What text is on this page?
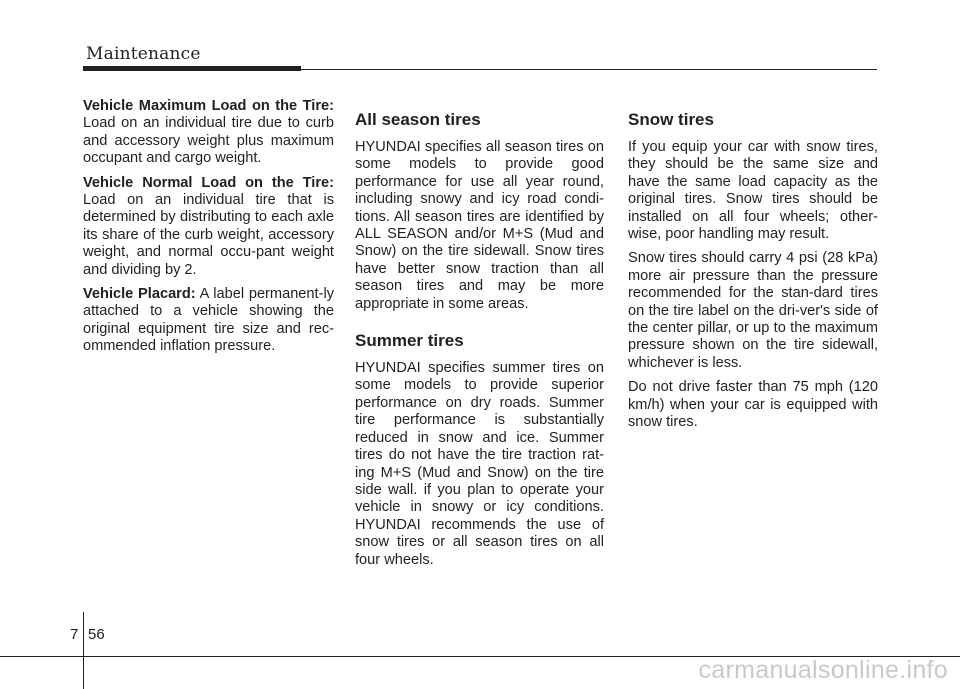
Maintenance

Vehicle Maximum Load on the Tire: Load on an individual tire due to curb and accessory weight plus maximum occupant and cargo weight.

Vehicle Normal Load on the Tire: Load on an individual tire that is determined by distributing to each axle its share of the curb weight, accessory weight, and normal occu-pant weight and dividing by 2.

Vehicle Placard: A label permanent-ly attached to a vehicle showing the original equipment tire size and rec-ommended inflation pressure.

All season tires

HYUNDAI specifies all season tires on some models to provide good performance for use all year round, including snowy and icy road condi-tions. All season tires are identified by ALL SEASON and/or M+S (Mud and Snow) on the tire sidewall. Snow tires have better snow traction than all season tires and may be more appropriate in some areas.

Summer tires

HYUNDAI specifies summer tires on some models to provide superior performance on dry roads. Summer tire performance is substantially reduced in snow and ice. Summer tires do not have the tire traction rat-ing M+S (Mud and Snow) on the tire side wall. if you plan to operate your vehicle in snowy or icy conditions. HYUNDAI recommends the use of snow tires or all season tires on all four wheels.

Snow tires

If you equip your car with snow tires, they should be the same size and have the same load capacity as the original tires. Snow tires should be installed on all four wheels; other-wise, poor handling may result.

Snow tires should carry 4 psi (28 kPa) more air pressure than the pressure recommended for the stan-dard tires on the tire label on the dri-ver's side of the center pillar, or up to the maximum pressure shown on the tire sidewall, whichever is less.

Do not drive faster than 75 mph (120 km/h) when your car is equipped with snow tires.

7 56
carmanualsonline.info
